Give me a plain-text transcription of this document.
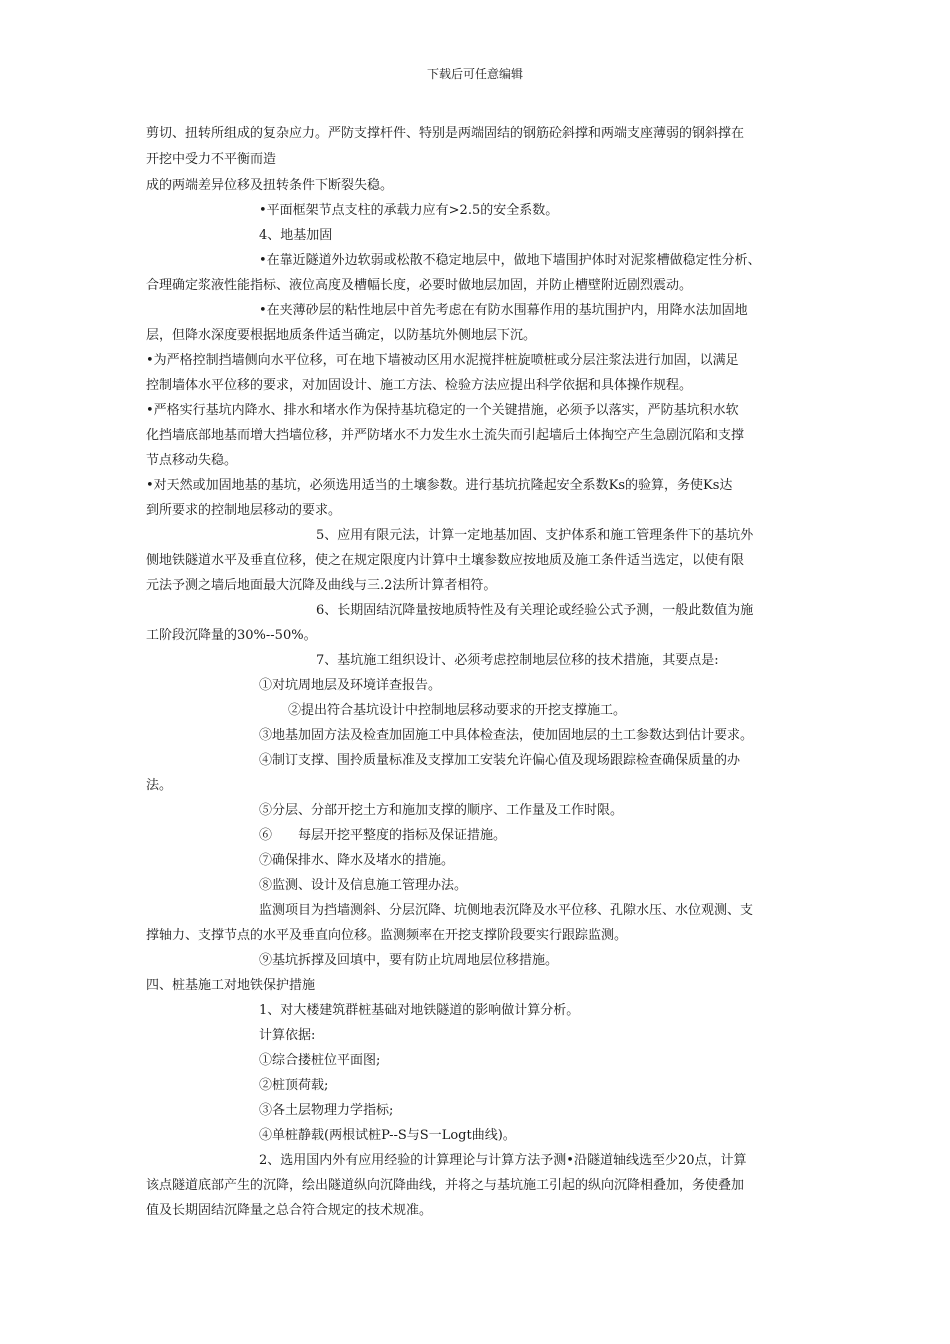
下载后可任意编辑
剪切、扭转所组成的复杂应力。严防支撑杆件、特别是两端固结的钢筋砼斜撑和两端支座薄弱的钢斜撑在
开挖中受力不平衡而造
成的两端差异位移及扭转条件下断裂失稳。
•平面框架节点支柱的承载力应有>2.5的安全系数。
4、地基加固
•在靠近隧道外边软弱或松散不稳定地层中，做地下墙围护体时对泥浆槽做稳定性分析、
合理确定浆液性能指标、液位高度及槽幅长度，必要时做地层加固，并防止槽壁附近剧烈震动。
•在夹薄砂层的粘性地层中首先考虑在有防水围幕作用的基坑围护内，用降水法加固地
层，但降水深度要根据地质条件适当确定，以防基坑外侧地层下沉。
•为严格控制挡墙侧向水平位移，可在地下墙被动区用水泥搅拌桩旋喷桩或分层注浆法进行加固，以满足
控制墙体水平位移的要求，对加固设计、施工方法、检验方法应提出科学依据和具体操作规程。
•严格实行基坑内降水、排水和堵水作为保持基坑稳定的一个关键措施，必须予以落实，严防基坑积水软
化挡墙底部地基而增大挡墙位移，并严防堵水不力发生水土流失而引起墙后土体掏空产生急剧沉陷和支撑
节点移动失稳。
•对天然或加固地基的基坑，必须选用适当的土壤参数。进行基坑抗隆起安全系数Ks的验算，务使Ks达
到所要求的控制地层移动的要求。
5、应用有限元法，计算一定地基加固、支护体系和施工管理条件下的基坑外
侧地铁隧道水平及垂直位移，使之在规定限度内计算中土壤参数应按地质及施工条件适当选定，以使有限
元法予测之墙后地面最大沉降及曲线与三.2法所计算者相符。
6、长期固结沉降量按地质特性及有关理论或经验公式予测，一般此数值为施
工阶段沉降量的30%--50%。
7、基坑施工组织设计、必须考虑控制地层位移的技术措施，其要点是:
①对坑周地层及环境详查报告。
②提出符合基坑设计中控制地层移动要求的开挖支撑施工。
③地基加固方法及检查加固施工中具体检查法，使加固地层的土工参数达到估计要求。
④制订支撑、围拎质量标准及支撑加工安装允许偏心值及现场跟踪检查确保质量的办
法。
⑤分层、分部开挖土方和施加支撑的顺序、工作量及工作时限。
⑥　　每层开挖平整度的指标及保证措施。
⑦确保排水、降水及堵水的措施。
⑧监测、设计及信息施工管理办法。
监测项目为挡墙测斜、分层沉降、坑侧地表沉降及水平位移、孔隙水压、水位观测、支
撑轴力、支撑节点的水平及垂直向位移。监测频率在开挖支撑阶段要实行跟踪监测。
⑨基坑拆撑及回填中，要有防止坑周地层位移措施。
四、桩基施工对地铁保护措施
1、对大楼建筑群桩基础对地铁隧道的影响做计算分析。
计算依据:
①综合搂桩位平面图;
②桩顶荷载;
③各土层物理力学指标;
④单桩静载(两根试桩P--S与S一Logt曲线)。
2、选用国内外有应用经验的计算理论与计算方法予测•沿隧道轴线选至少20点，计算
该点隧道底部产生的沉降，绘出隧道纵向沉降曲线，并将之与基坑施工引起的纵向沉降相叠加，务使叠加
值及长期固结沉降量之总合符合规定的技术规准。
